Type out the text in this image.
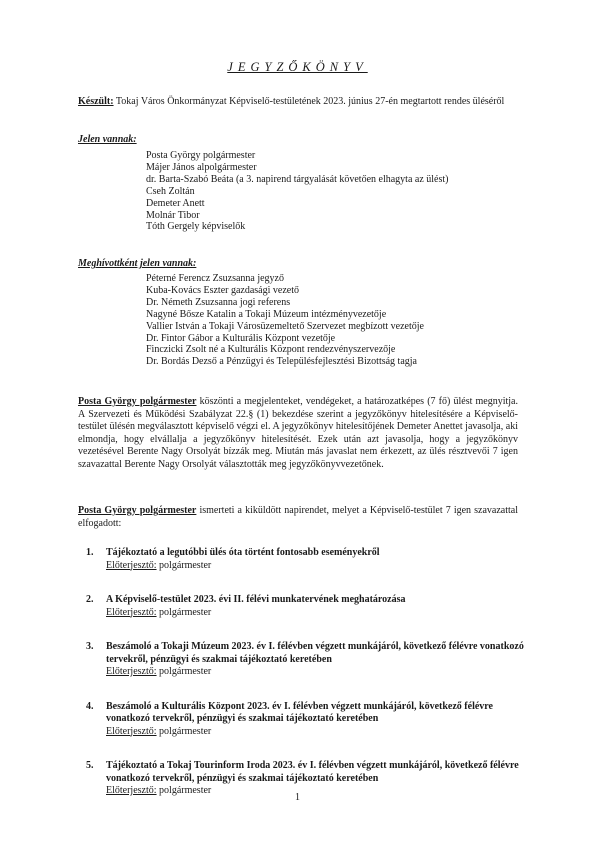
JEGYZŐKÖNYV
Készült: Tokaj Város Önkormányzat Képviselő-testületének 2023. június 27-én megtartott rendes üléséről
Jelen vannak:
Posta György polgármester
Májer János alpolgármester
dr. Barta-Szabó Beáta (a 3. napirend tárgyalását követően elhagyta az ülést)
Cseh Zoltán
Demeter Anett
Molnár Tibor
Tóth Gergely képviselők
Meghívottként jelen vannak:
Péterné Ferencz Zsuzsanna jegyző
Kuba-Kovács Eszter gazdasági vezető
Dr. Németh Zsuzsanna jogi referens
Nagyné Bősze Katalin a Tokaji Múzeum intézményvezetője
Vallier István a Tokaji Városüzemeltető Szervezet megbízott vezetője
Dr. Fintor Gábor a Kulturális Központ vezetője
Finczicki Zsolt né a Kulturális Központ rendezvényszervezője
Dr. Bordás Dezső a Pénzügyi és Településfejlesztési Bizottság tagja
Posta György polgármester köszönti a megjelenteket, vendégeket, a határozatképes (7 fő) ülést megnyitja. A Szervezeti és Működési Szabályzat 22.§ (1) bekezdése szerint a jegyzőkönyv hitelesítésére a Képviselő-testület ülésén megválasztott képviselő végzi el. A jegyzőkönyv hitelesítőjének Demeter Anettet javasolja, aki elmondja, hogy elvállalja a jegyzőkönyv hitelesítését. Ezek után azt javasolja, hogy a jegyzőkönyv vezetésével Berente Nagy Orsolyát bízzák meg. Miután más javaslat nem érkezett, az ülés résztvevői 7 igen szavazattal Berente Nagy Orsolyát választották meg jegyzőkönyvvezetőnek.
Posta György polgármester ismerteti a kiküldött napirendet, melyet a Képviselő-testület 7 igen szavazattal elfogadott:
1.	Tájékoztató a legutóbbi ülés óta történt fontosabb eseményekről
Előterjesztő: polgármester
2.	A Képviselő-testület 2023. évi II. félévi munkatervének meghatározása
Előterjesztő: polgármester
3.	Beszámoló a Tokaji Múzeum 2023. év I. félévben végzett munkájáról, következő félévre vonatkozó tervekről, pénzügyi és szakmai tájékoztató keretében
Előterjesztő: polgármester
4.	Beszámoló a Kulturális Központ 2023. év I. félévben végzett munkájáról, következő félévre vonatkozó tervekről, pénzügyi és szakmai tájékoztató keretében
Előterjesztő: polgármester
5.	Tájékoztató a Tokaj Tourinform Iroda 2023. év I. félévben végzett munkájáról, következő félévre vonatkozó tervekről, pénzügyi és szakmai tájékoztató keretében
Előterjesztő: polgármester
1
